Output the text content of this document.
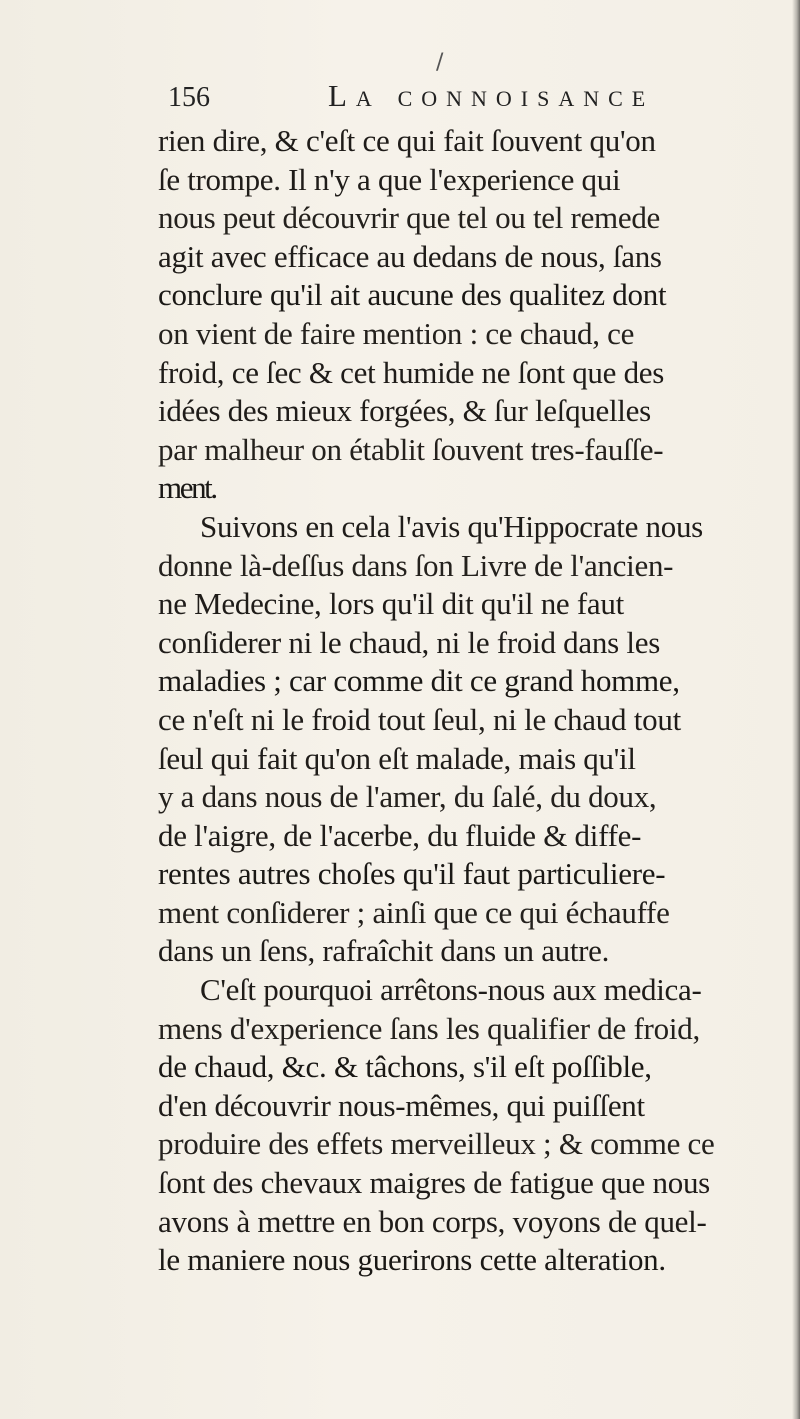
/
156	La connoisance
rien dire, & c'eſt ce qui fait ſouvent qu'on
ſe trompe. Il n'y a que l'experience qui
nous peut découvrir que tel ou tel remede
agit avec efficace au dedans de nous, ſans
conclure qu'il ait aucune des qualitez dont
on vient de faire mention : ce chaud, ce
froid, ce ſec & cet humide ne ſont que des
idées des mieux forgées, & ſur leſquelles
par malheur on établit ſouvent tres-fauſſe-
ment.
Suivons en cela l'avis qu'Hippocrate nous
donne là-deſſus dans ſon Livre de l'ancien-
ne Medecine, lors qu'il dit qu'il ne faut
conſiderer ni le chaud, ni le froid dans les
maladies ; car comme dit ce grand homme,
ce n'eſt ni le froid tout ſeul, ni le chaud tout
ſeul qui fait qu'on eſt malade, mais qu'il
y a dans nous de l'amer, du ſalé, du doux,
de l'aigre, de l'acerbe, du fluide & diffe-
rentes autres choſes qu'il faut particuliere-
ment conſiderer ; ainſi que ce qui échauffe
dans un ſens, rafraîchit dans un autre.
C'eſt pourquoi arrêtons-nous aux medica-
mens d'experience ſans les qualifier de froid,
de chaud, &c. & tâchons, s'il eſt poſſible,
d'en découvrir nous-mêmes, qui puiſſent
produire des effets merveilleux ; & comme ce
ſont des chevaux maigres de fatigue que nous
avons à mettre en bon corps, voyons de quel-
le maniere nous guerirons cette alteration.
